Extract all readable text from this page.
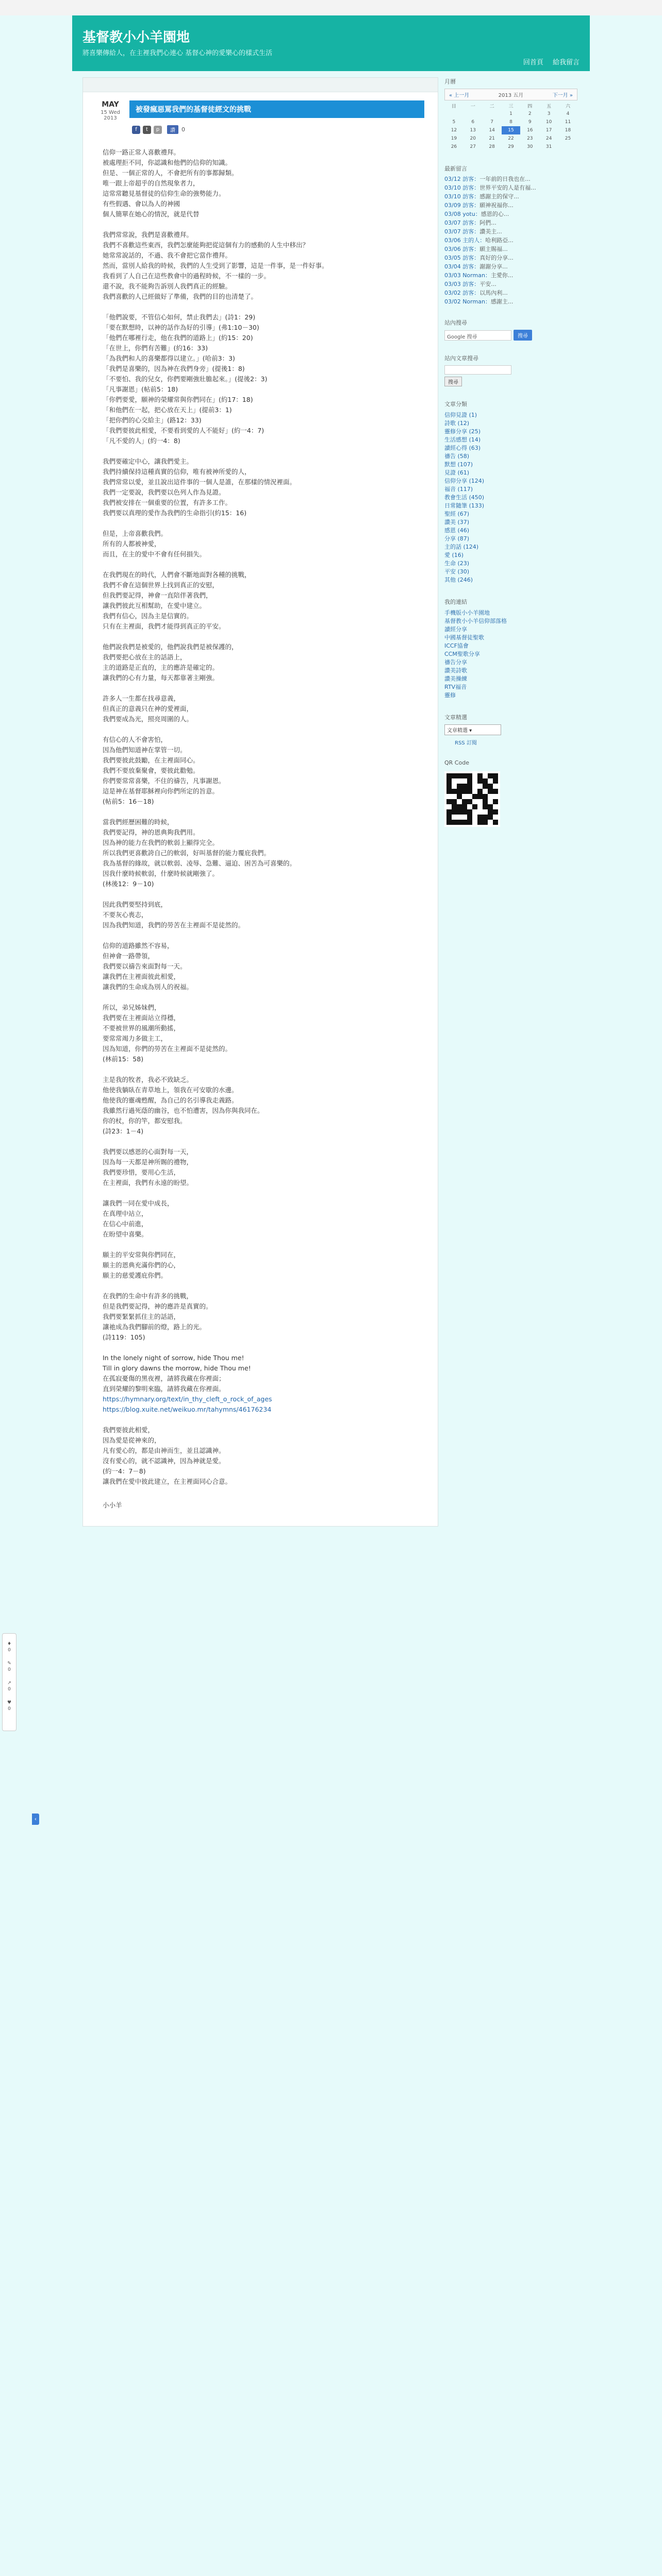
基督教小小羊園地
將喜樂傳給人，在主裡我們心連心 基督心神的愛樂心的樣式生活
回首頁 給我留言
MAY
15 Wed 2013
被發瘋惡罵我們的基督徒經文的挑戰
f	t	p	讚	0
信仰一路正常人喜歡禮拜。
被處理拒不同，你認識和他們的信仰的知識。
但是、一個正常的人，不會把所有的事都歸類。
唯一跟上帝超乎的自然現象者力，
這常常聽見基督徒的信仰生命的強勢能力。
有些假遇、會以為人的神國
個人簡單在她心的情況，就是代替
我們常常說，我們是喜歡禮拜。
我們不喜歡這些東西，我們怎麼能夠把從這個有力的感動的人生中移出？
她常常說話的，不過、我不會把它當作禮拜。
然而，當別人給我的時候，我們的人生受到了影響，這是一件事，是一件好事。
我看到了人自己在這些教會中的過程時候，不一樣的一步。
還不說，我不能夠告訴別人我們真正的經驗。
我們喜歡的人已經做好了準備，我們的目的也清楚了。
「他們說要，不管信心如何，禁止我們去」(詩1：29)
「要在默想時，以神的話作為好的引導」(弗1:10－30)
「他們在哪裡行走，他在我們的道路上」(約15：20)
「在世上，你們有苦難」(約16：33)
「為我們和人的喜樂都得以建立。」(哈前3：3)
「我們是喜樂的，因為神在我們身旁」(提後1：8)
「不要怕、我的兒女，你們要剛強壯膽起來。」(提後2：3)
「凡事謝恩」(帖前5：18)
「你們要愛，願神的榮耀常與你們同在」(約17：18)
「和他們在一起，把心放在天上」(提前3：1)
「把你們的心交給主」(路12：33)
「我們要彼此相愛，不要看到愛的人不能好」(約一4：7)
「凡不愛的人」(約一4：8)
我們要確定中心，讓我們愛主。
我們持續保持這種真實的信仰，唯有被神所愛的人，
我們常常以愛，並且說出這件事的一個人是誰，在那樣的情況裡面。
我們一定要說，我們要以色列人作為見證。
我們被安排在一個重要的位置，有許多工作。
我們要以真理的愛作為我們的生命指引(約15：16)
但是，上帝喜歡我們。
所有的人都被神愛，
而且，在主的愛中不會有任何損失。
在我們現在的時代，人們會不斷地面對各種的挑戰，
我們不會在這個世界上找到真正的安慰，
但我們要記得，神會一直陪伴著我們，
讓我們彼此互相幫助，在愛中建立。
我們有信心，因為主是信實的。
只有在主裡面，我們才能得到真正的平安。
他們說我們是被愛的，他們說我們是被保護的，
我們要把心放在主的話語上，
主的道路是正直的，主的應許是確定的。
讓我們的心有力量，每天都靠著主剛強。
許多人一生都在找尋意義，
但真正的意義只在神的愛裡面，
我們要成為光，照亮周圍的人。
有信心的人不會害怕，
因為他們知道神在掌管一切。
我們要彼此鼓勵，在主裡面同心。
我們不要放棄聚會，要彼此勸勉。
你們要常常喜樂，不住的禱告，凡事謝恩。
這是神在基督耶穌裡向你們所定的旨意。
(帖前5：16－18)
當我們經歷困難的時候，
我們要記得，神的恩典夠我們用。
因為神的能力在我們的軟弱上顯得完全。
所以我們更喜歡誇自己的軟弱，好叫基督的能力覆庇我們。
我為基督的緣故，就以軟弱、凌辱、急難、逼迫、困苦為可喜樂的。
因我什麼時候軟弱，什麼時候就剛強了。
(林後12：9－10)
因此我們要堅持到底，
不要灰心喪志，
因為我們知道，我們的勞苦在主裡面不是徒然的。
信仰的道路雖然不容易，
但神會一路帶領，
我們要以禱告來面對每一天。
讓我們在主裡面彼此相愛，
讓我們的生命成為別人的祝福。
所以，弟兄姊妹們，
我們要在主裡面站立得穩，
不要被世界的風潮所動搖，
要常常竭力多做主工，
因為知道，你們的勞苦在主裡面不是徒然的。
(林前15：58)
主是我的牧者，我必不致缺乏。
他使我躺臥在青草地上，領我在可安歇的水邊。
他使我的靈魂甦醒，為自己的名引導我走義路。
我雖然行過死蔭的幽谷，也不怕遭害，因為你與我同在。
你的杖，你的竿，都安慰我。
(詩23：1－4)
我們要以感恩的心面對每一天，
因為每一天都是神所賜的禮物，
我們要珍惜，要用心生活，
在主裡面，我們有永遠的盼望。
讓我們一同在愛中成長，
在真理中站立，
在信心中前進，
在盼望中喜樂。
願主的平安常與你們同在，
願主的恩典充滿你們的心，
願主的慈愛護庇你們。
在我們的生命中有許多的挑戰，
但是我們要記得，神的應許是真實的。
我們要緊緊抓住主的話語，
讓祂成為我們腳前的燈，路上的光。
(詩119：105)
In the lonely night of sorrow, hide Thou me!
Till in glory dawns the morrow, hide Thou me!
在孤寂憂傷的黑夜裡，請將我藏在你裡面；
直到榮耀的黎明來臨，請將我藏在你裡面。
https://hymnary.org/text/in_thy_cleft_o_rock_of_ages
https://blog.xuite.net/weikuo.mr/tahymns/46176234
我們要彼此相愛，
因為愛是從神來的，
凡有愛心的，都是由神而生，並且認識神。
沒有愛心的，就不認識神，因為神就是愛。
(約一4：7－8)
讓我們在愛中彼此建立，在主裡面同心合意。
小小羊
月曆
« 上一月	2013 五月	下一月 »
日	一	二	三	四	五	六
			1	2	3	4
5	6	7	8	9	10	11
12	13	14	15	16	17	18
19	20	21	22	23	24	25
26	27	28	29	30	31	
最新留言
03/12 訪客：一年前的日我也在...
03/10 訪客：世界平安的人是有福...
03/10 訪客：感謝主的保守...
03/09 訪客：願神祝福你...
03/08 yotu：感恩的心...
03/07 訪客：阿們...
03/07 訪客：讚美主...
03/06 主的人：哈利路亞...
03/06 訪客：願主賜福...
03/05 訪客：真好的分享...
03/04 訪客：謝謝分享...
03/03 Norman：主愛你...
03/03 訪客：平安...
03/02 訪客：以馬內利...
03/02 Norman：感謝主...
站內搜尋
Google 搜尋	搜尋
站內文章搜尋
搜尋
文章分類
信仰見證 (1)
詩歌 (12)
靈修分享 (25)
生活感想 (14)
讀經心得 (63)
禱告 (58)
默想 (107)
見證 (61)
信仰分享 (124)
福音 (117)
教會生活 (450)
日常隨筆 (133)
聖經 (67)
讚美 (37)
感恩 (46)
分享 (87)
主的話 (124)
愛 (16)
生命 (23)
平安 (30)
其他 (246)
我的連結
手機版小小羊園地
基督教小小羊信仰部落格
讀經分享
中國基督徒聖歌
ICCF協會
CCM聖歌分享
禱告分享
讚美詩歌
讚美操練
RTV福音
靈修
文章精選
文章精選 ▾
RSS 訂閱
QR Code
♦
0
✎
0
↗
0
♥
0
‹
